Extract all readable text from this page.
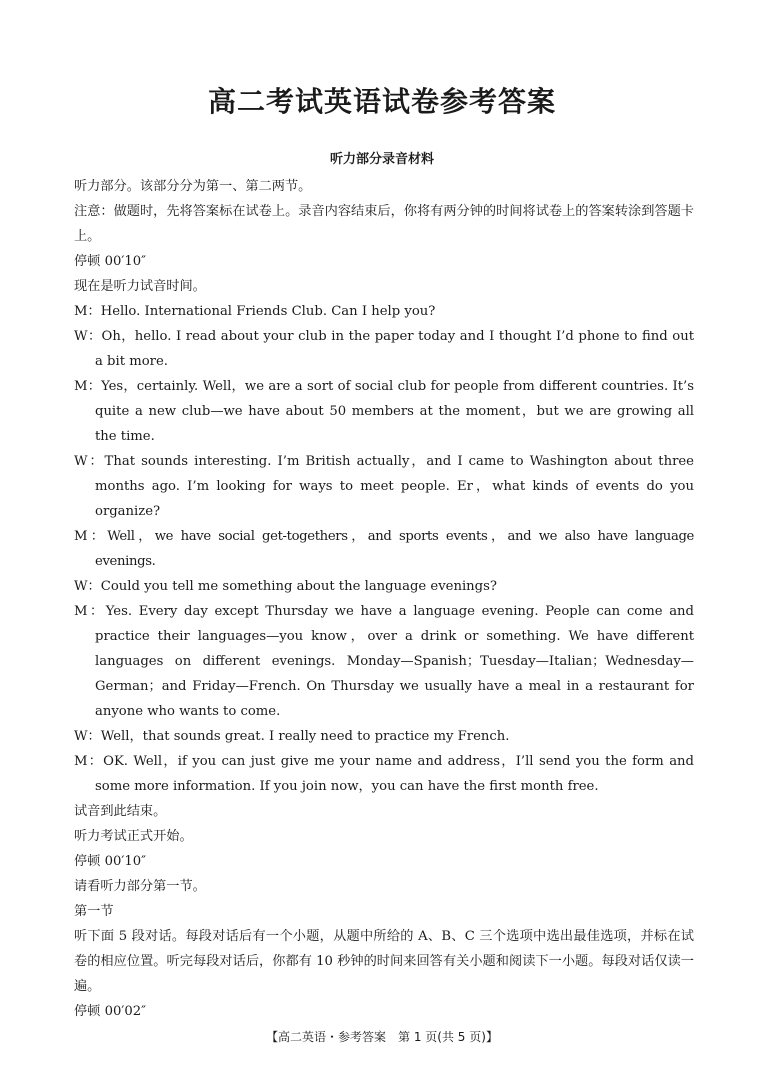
高二考试英语试卷参考答案

听力部分录音材料

听力部分。该部分分为第一、第二两节。

注意：做题时，先将答案标在试卷上。录音内容结束后，你将有两分钟的时间将试卷上的答案转涂到答题卡上。

停顿 00′10″

现在是听力试音时间。

M：Hello. International Friends Club. Can I help you?

W：Oh，hello. I read about your club in the paper today and I thought I’d phone to find out a bit more.

M：Yes，certainly. Well，we are a sort of social club for people from different countries. It’s quite a new club—we have about 50 members at the moment，but we are growing all the time.

W：That sounds interesting. I’m British actually，and I came to Washington about three months ago. I’m looking for ways to meet people. Er，what kinds of events do you organize?

M：Well，we have social get-togethers，and sports events，and we also have language evenings.

W：Could you tell me something about the language evenings?

M：Yes. Every day except Thursday we have a language evening. People can come and practice their languages—you know，over a drink or something. We have different languages on different evenings. Monday—Spanish；Tuesday—Italian；Wednesday—German；and Friday—French. On Thursday we usually have a meal in a restaurant for anyone who wants to come.

W：Well，that sounds great. I really need to practice my French.

M：OK. Well，if you can just give me your name and address，I’ll send you the form and some more information. If you join now，you can have the first month free.

试音到此结束。

听力考试正式开始。

停顿 00′10″

请看听力部分第一节。

第一节

听下面 5 段对话。每段对话后有一个小题，从题中所给的 A、B、C 三个选项中选出最佳选项，并标在试卷的相应位置。听完每段对话后，你都有 10 秒钟的时间来回答有关小题和阅读下一小题。每段对话仅读一遍。

停顿 00′02″

【高二英语・参考答案　第 1 页(共 5 页)】
